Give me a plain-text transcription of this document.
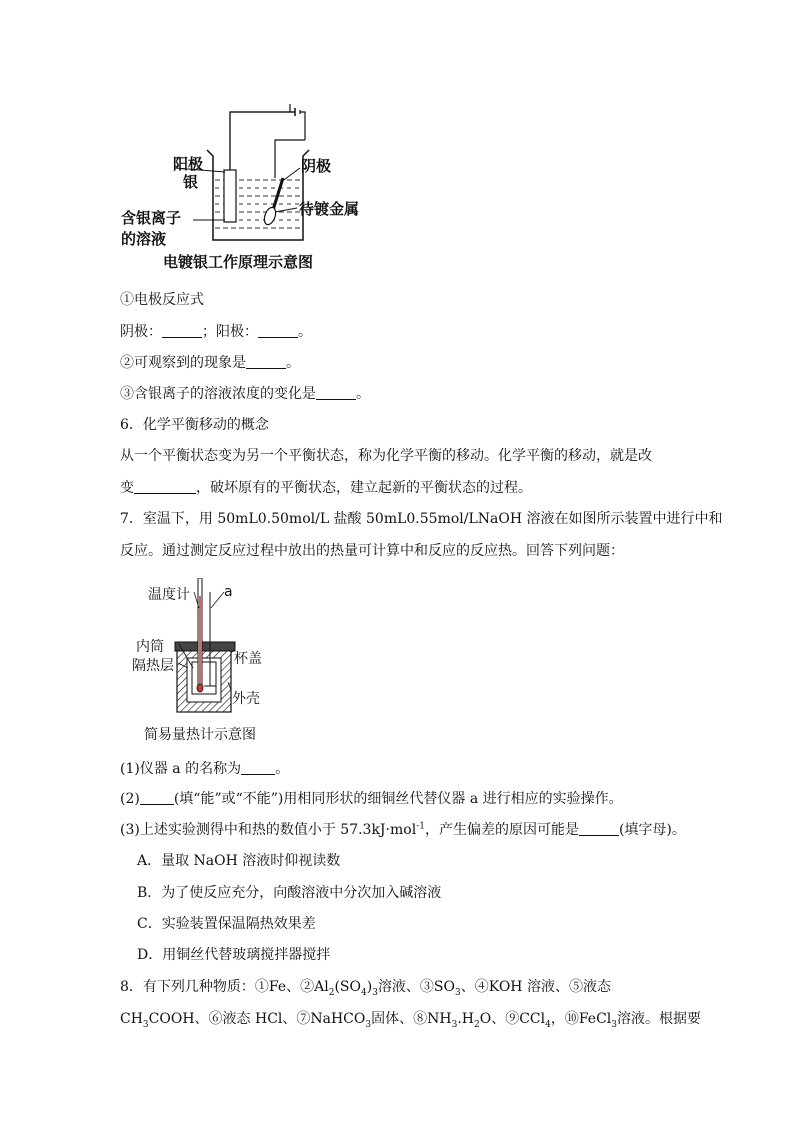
阳极
银
阴极
待镀金属
含银离子
的溶液
电镀银工作原理示意图
①电极反应式
阴极：	；阳极：	。
②可观察到的现象是	。
③含银离子的溶液浓度的变化是	。
6．化学平衡移动的概念
从一个平衡状态变为另一个平衡状态，称为化学平衡的移动。化学平衡的移动，就是改
变	，破坏原有的平衡状态，建立起新的平衡状态的过程。
7．室温下，用 50mL0.50mol/L 盐酸 50mL0.55mol/LNaOH 溶液在如图所示装置中进行中和
反应。通过测定反应过程中放出的热量可计算中和反应的反应热。回答下列问题：
温度计 a
内筒
隔热层	杯盖
外壳
简易量热计示意图
(1)仪器 a 的名称为 。
(2) (填“能”或“不能”)用相同形状的细铜丝代替仪器 a 进行相应的实验操作。
(3)上述实验测得中和热的数值小于 57.3kJ·mol$^{-1}$，产生偏差的原因可能是	(填字母)。
A．量取 NaOH 溶液时仰视读数
B．为了使反应充分，向酸溶液中分次加入碱溶液
C．实验装置保温隔热效果差
D．用铜丝代替玻璃搅拌器搅拌
8．有下列几种物质：①Fe、$②Al_2(SO_4)_3$溶液、$③SO_3$、④KOH 溶液、⑤液态
$CH_3COOH$、⑥液态 HCl、⑦NaHCO$_3$固体、$⑧NH_3.H_2O$、⑨CCl$_4$，⑩FeCl$_3$溶液。根据要
